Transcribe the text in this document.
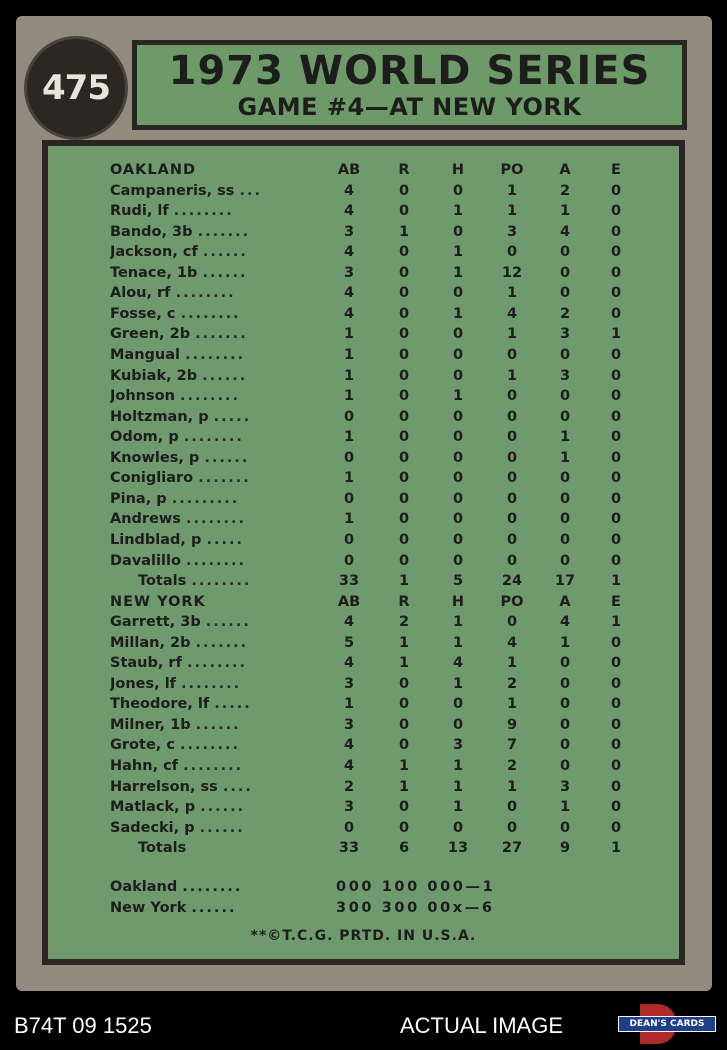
475	1973 WORLD SERIES
GAME #4—AT NEW YORK
OAKLAND	AB	R	H	PO	A	E
Campaneris, ss ...	4	0	0	1	2	0
Rudi, lf ........	4	0	1	1	1	0
Bando, 3b .......	3	1	0	3	4	0
Jackson, cf ......	4	0	1	0	0	0
Tenace, 1b ......	3	0	1	12	0	0
Alou, rf ........	4	0	0	1	0	0
Fosse, c ........	4	0	1	4	2	0
Green, 2b .......	1	0	0	1	3	1
Mangual ........	1	0	0	0	0	0
Kubiak, 2b ......	1	0	0	1	3	0
Johnson ........	1	0	1	0	0	0
Holtzman, p .....	0	0	0	0	0	0
Odom, p ........	1	0	0	0	1	0
Knowles, p ......	0	0	0	0	1	0
Conigliaro .......	1	0	0	0	0	0
Pina, p .........	0	0	0	0	0	0
Andrews ........	1	0	0	0	0	0
Lindblad, p .....	0	0	0	0	0	0
Davalillo ........	0	0	0	0	0	0
Totals ........	33	1	5	24	17	1
NEW YORK	AB	R	H	PO	A	E
Garrett, 3b ......	4	2	1	0	4	1
Millan, 2b .......	5	1	1	4	1	0
Staub, rf ........	4	1	4	1	0	0
Jones, lf ........	3	0	1	2	0	0
Theodore, lf .....	1	0	0	1	0	0
Milner, 1b ......	3	0	0	9	0	0
Grote, c ........	4	0	3	7	0	0
Hahn, cf ........	4	1	1	2	0	0
Harrelson, ss ....	2	1	1	1	3	0
Matlack, p ......	3	0	1	0	1	0
Sadecki, p ......	0	0	0	0	0	0
Totals	33	6	13	27	9	1
Oakland ........	000 100 000—1
New York ......	300 300 00x—6
**©T.C.G. PRTD. IN U.S.A.
B74T 09 1525	ACTUAL IMAGE	DEAN'S CARDS
